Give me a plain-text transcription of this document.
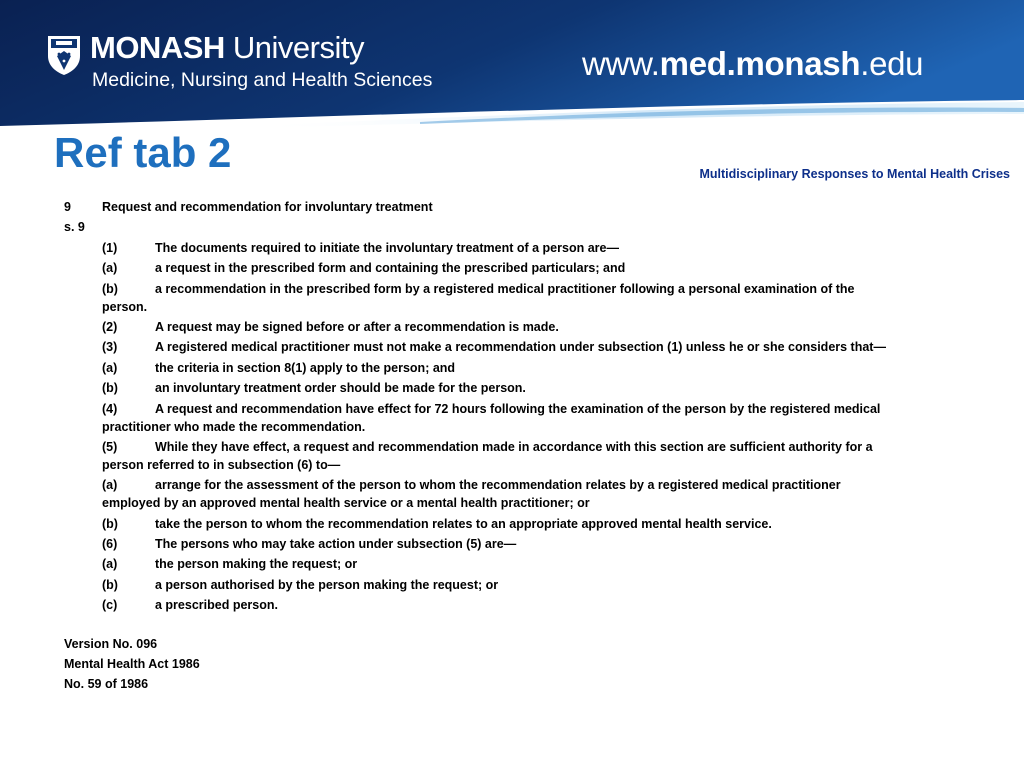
MONASH University
Medicine, Nursing and Health Sciences	www.med.monash.edu
Ref tab 2	Multidisciplinary Responses to Mental Health Crises
9 Request and recommendation for involuntary treatment
s. 9
(1)	The documents required to initiate the involuntary treatment of a person are—
(a)	a request in the prescribed form and containing the prescribed particulars; and
(b)	a recommendation in the prescribed form by a registered medical practitioner following a personal examination of the person.
(2)	A request may be signed before or after a recommendation is made.
(3)	A registered medical practitioner must not make a recommendation under subsection (1) unless he or she considers that—
(a)	the criteria in section 8(1) apply to the person; and
(b)	an involuntary treatment order should be made for the person.
(4)	A request and recommendation have effect for 72 hours following the examination of the person by the registered medical practitioner who made the recommendation.
(5)	While they have effect, a request and recommendation made in accordance with this section are sufficient authority for a person referred to in subsection (6) to—
(a)	arrange for the assessment of the person to whom the recommendation relates by a registered medical practitioner employed by an approved mental health service or a mental health practitioner; or
(b)	take the person to whom the recommendation relates to an appropriate approved mental health service.
(6)	The persons who may take action under subsection (5) are—
(a)	the person making the request; or
(b)	a person authorised by the person making the request; or
(c)	a prescribed person.
Version No. 096
Mental Health Act 1986
No. 59 of 1986
